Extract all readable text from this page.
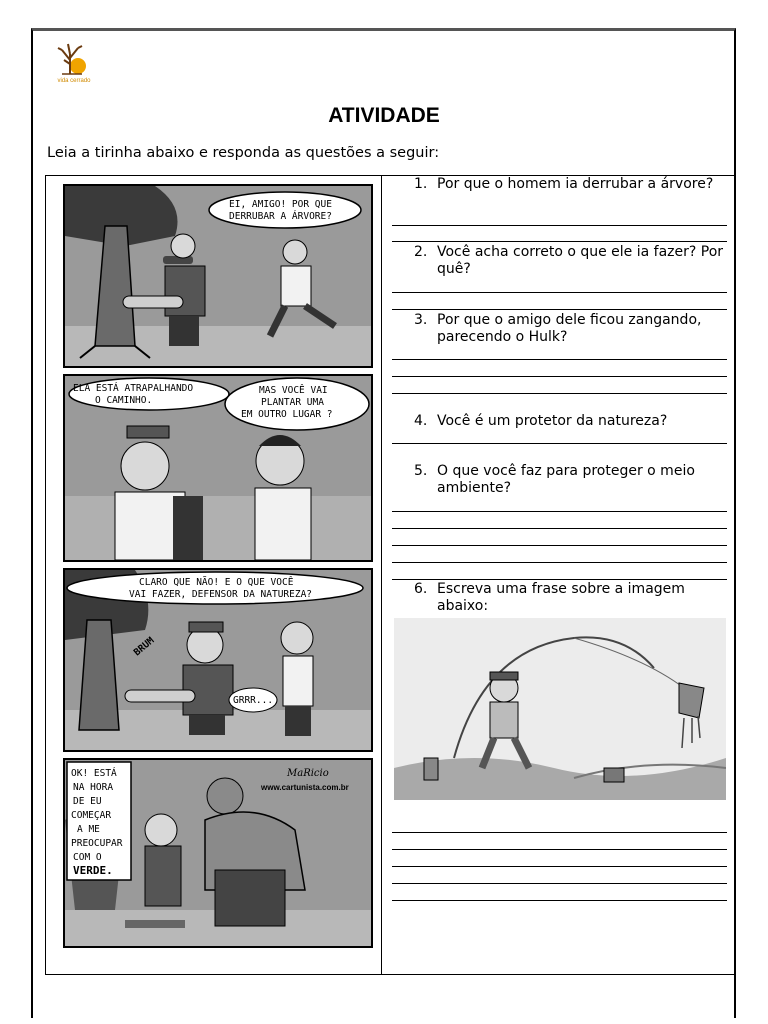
vida cerrado
ATIVIDADE
Leia a tirinha abaixo e responda as questões a seguir:
EI, AMIGO! POR QUE
DERRUBAR A ÁRVORE?
ELA ESTÁ ATRAPALHANDO
O CAMINHO.
MAS VOCÊ VAI
PLANTAR UMA
EM OUTRO LUGAR ?
CLARO QUE NÃO! E O QUE VOCÊ
VAI FAZER, DEFENSOR DA NATUREZA?
GRRR...
BRUM
OK! ESTÁ
NA HORA
DE EU
COMEÇAR
A ME
PREOCUPAR
COM O
VERDE.
MaRicio
www.cartunista.com.br
1. Por que o homem ia derrubar a árvore?
2. Você acha correto o que ele ia fazer? Por quê?
3. Por que o amigo dele ficou zangando, parecendo o Hulk?
4. Você é um protetor da natureza?
5. O que você faz para proteger o meio ambiente?
6. Escreva uma frase sobre a imagem abaixo:
